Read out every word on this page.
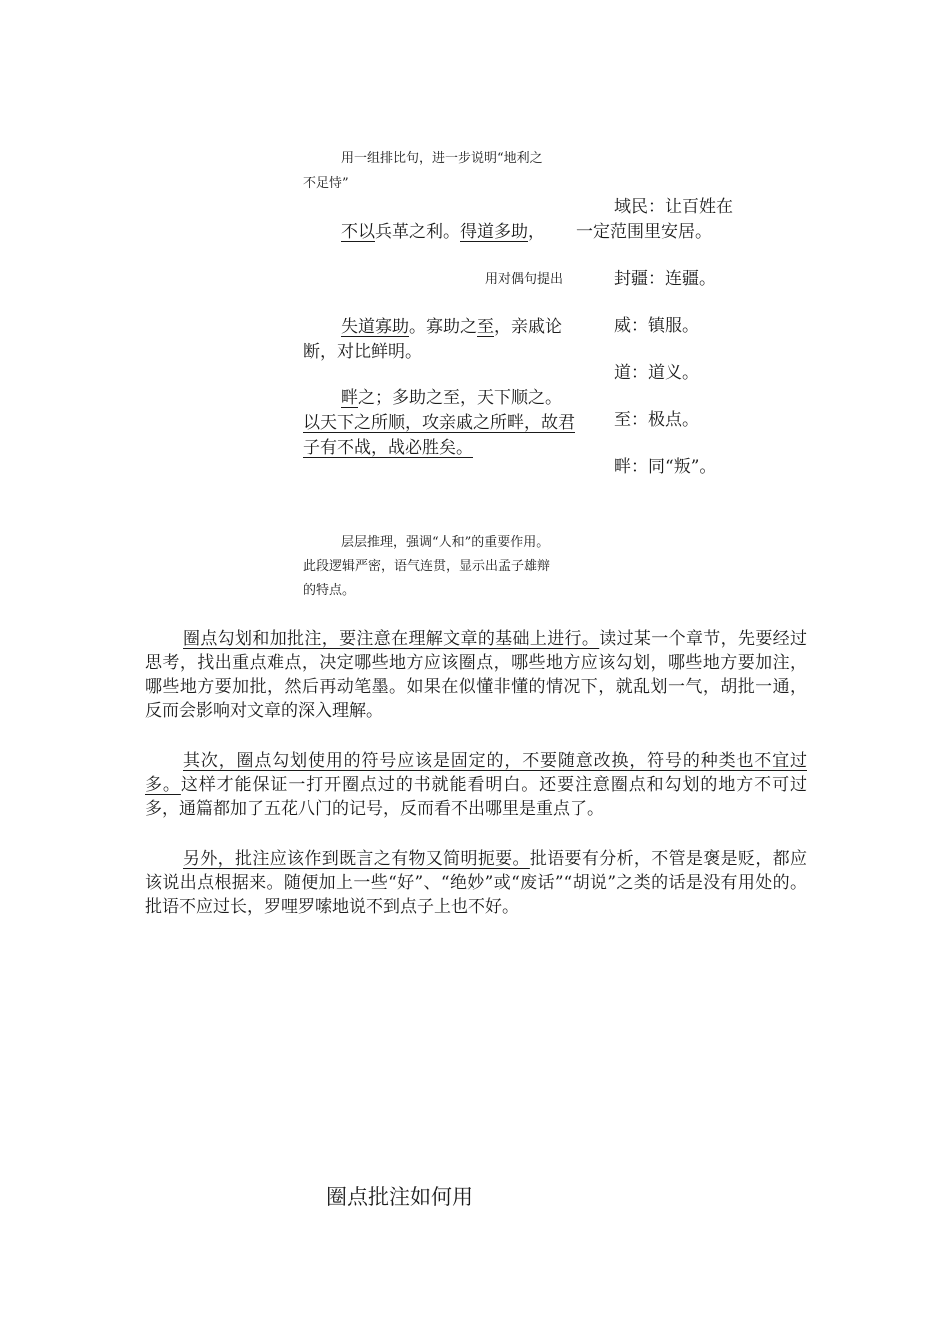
用一组排比句，进一步说明“地利之
不足恃”
不以兵革之利。得道多助，
用对偶句提出
失道寡助。寡助之至，亲戚论断，对比鲜明。
畔之；多助之至，天下顺之。以天下之所顺，攻亲戚之所畔，故君子有不战，战必胜矣。
层层推理，强调“人和”的重要作用。
此段逻辑严密，语气连贯，显示出孟子雄辩
的特点。
域民：让百姓在
一定范围里安居。
封疆：连疆。
威：镇服。
道：道义。
至：极点。
畔：同“叛”。
圈点勾划和加批注，要注意在理解文章的基础上进行。读过某一个章节，先要经过思考，找出重点难点，决定哪些地方应该圈点，哪些地方应该勾划，哪些地方要加注，哪些地方要加批，然后再动笔墨。如果在似懂非懂的情况下，就乱划一气，胡批一通，反而会影响对文章的深入理解。
其次，圈点勾划使用的符号应该是固定的，不要随意改换，符号的种类也不宜过多。这样才能保证一打开圈点过的书就能看明白。还要注意圈点和勾划的地方不可过多，通篇都加了五花八门的记号，反而看不出哪里是重点了。
另外，批注应该作到既言之有物又简明扼要。批语要有分析，不管是褒是贬，都应该说出点根据来。随便加上一些“好”、“绝妙”或“废话”“胡说”之类的话是没有用处的。批语不应过长，罗哩罗嗦地说不到点子上也不好。
圈点批注如何用
